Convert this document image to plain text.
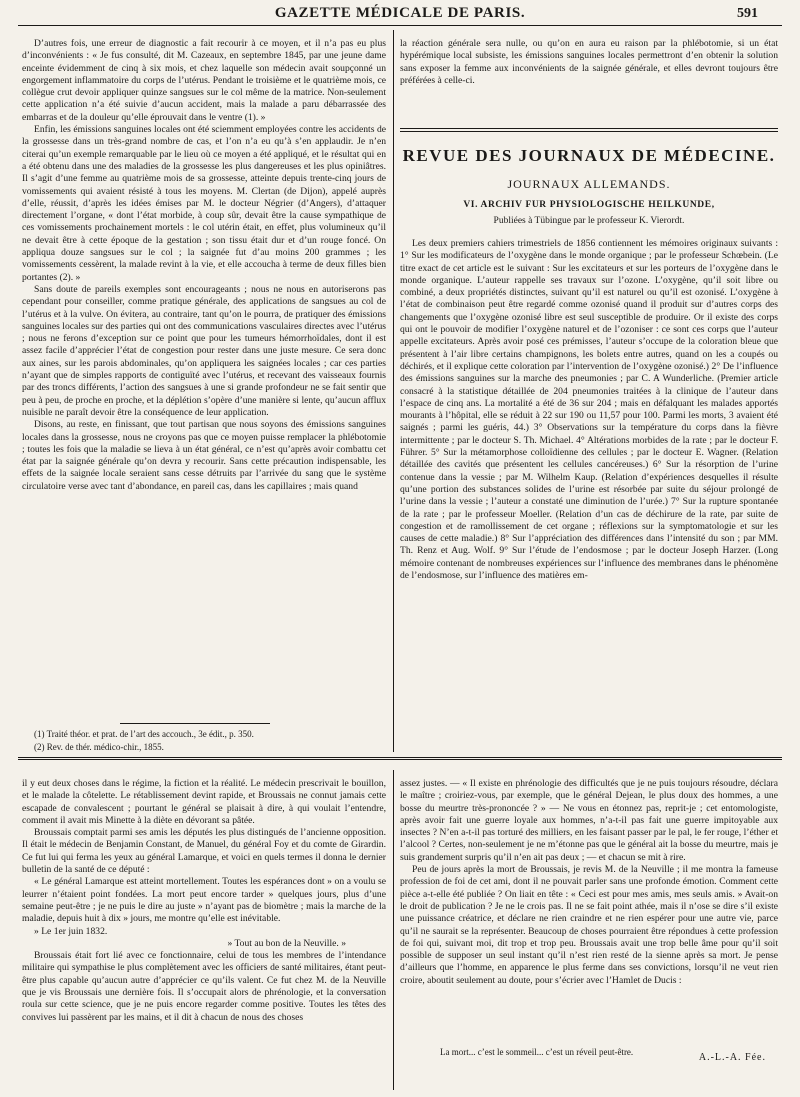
GAZETTE MÉDICALE DE PARIS.	591

D’autres fois, une erreur de diagnostic a fait recourir à ce moyen, et il n’a pas eu plus d’inconvénients : « Je fus consulté, dit M. Cazeaux, en septembre 1845, par une jeune dame enceinte évidemment de cinq à six mois, et chez laquelle son médecin avait soupçonné un engorgement inflammatoire du corps de l’utérus. Pendant le troisième et le quatrième mois, ce collègue crut devoir appliquer quinze sangsues sur le col même de la matrice. Non-seulement cette application n’a été suivie d’aucun accident, mais la malade a paru débarrassée des embarras et de la douleur qu’elle éprouvait dans le ventre (1). »

Enfin, les émissions sanguines locales ont été sciemment employées contre les accidents de la grossesse dans un très-grand nombre de cas, et l’on n’a eu qu’à s’en applaudir. Je n’en citerai qu’un exemple remarquable par le lieu où ce moyen a été appliqué, et le résultat qui en a été obtenu dans une des maladies de la grossesse les plus dangereuses et les plus opiniâtres. Il s’agit d’une femme au quatrième mois de sa grossesse, atteinte depuis trente-cinq jours de vomissements qui avaient résisté à tous les moyens. M. Clertan (de Dijon), appelé auprès d’elle, réussit, d’après les idées émises par M. le docteur Négrier (d’Angers), d’attaquer directement l’organe, « dont l’état morbide, à coup sûr, devait être la cause sympathique de ces vomissements prochainement mortels : le col utérin était, en effet, plus volumineux qu’il ne devait être à cette époque de la gestation ; son tissu était dur et d’un rouge foncé. On appliqua douze sangsues sur le col ; la saignée fut d’au moins 200 grammes ; les vomissements cessèrent, la malade revint à la vie, et elle accoucha à terme de deux filles bien portantes (2). »

Sans doute de pareils exemples sont encourageants ; nous ne nous en autoriserons pas cependant pour conseiller, comme pratique générale, des applications de sangsues au col de l’utérus et à la vulve. On évitera, au contraire, tant qu’on le pourra, de pratiquer des émissions sanguines locales sur des parties qui ont des communications vasculaires directes avec l’utérus ; nous ne ferons d’exception sur ce point que pour les tumeurs hémorrhoïdales, dont il est assez facile d’apprécier l’état de congestion pour rester dans une juste mesure. Ce sera donc aux aines, sur les parois abdominales, qu’on appliquera les saignées locales ; car ces parties n’ayant que de simples rapports de contiguïté avec l’utérus, et recevant des vaisseaux fournis par des troncs différents, l’action des sangsues à une si grande profondeur ne se fait sentir que peu à peu, de proche en proche, et la déplétion s’opère d’une manière si lente, qu’aucun afflux nuisible ne paraît devoir être la conséquence de leur application.

Disons, au reste, en finissant, que tout partisan que nous soyons des émissions sanguines locales dans la grossesse, nous ne croyons pas que ce moyen puisse remplacer la phlébotomie ; toutes les fois que la maladie se lieva à un état général, ce n’est qu’après avoir combattu cet état par la saignée générale qu’on devra y recourir. Sans cette précaution indispensable, les effets de la saignée locale seraient sans cesse détruits par l’arrivée du sang que le système circulatoire verse avec tant d’abondance, en pareil cas, dans les capillaires ; mais quand

(1) Traité théor. et prat. de l’art des accouch., 3e édit., p. 350.
(2) Rev. de thér. médico-chir., 1855.

la réaction générale sera nulle, ou qu’on en aura eu raison par la phlébotomie, si un état hypérémique local subsiste, les émissions sanguines locales permettront d’en obtenir la solution sans exposer la femme aux inconvénients de la saignée générale, et elles devront toujours être préférées à celle-ci.

REVUE DES JOURNAUX DE MÉDECINE.
JOURNAUX ALLEMANDS.
VI. ARCHIV FUR PHYSIOLOGISCHE HEILKUNDE,
Publiées à Tübingue par le professeur K. Vierordt.

Les deux premiers cahiers trimestriels de 1856 contiennent les mémoires originaux suivants : 1° Sur les modificateurs de l’oxygène dans le monde organique ; par le professeur Schœbein. (Le titre exact de cet article est le suivant : Sur les excitateurs et sur les porteurs de l’oxygène dans le monde organique. L’auteur rappelle ses travaux sur l’ozone. L’oxygène, qu’il soit libre ou combiné, a deux propriétés distinctes, suivant qu’il est naturel ou qu’il est ozonisé. L’oxygène à l’état de combinaison peut être regardé comme ozonisé quand il produit sur d’autres corps des changements que l’oxygène ozonisé libre est seul susceptible de produire. Or il existe des corps qui ont le pouvoir de modifier l’oxygène naturel et de l’ozoniser : ce sont ces corps que l’auteur appelle excitateurs. Après avoir posé ces prémisses, l’auteur s’occupe de la coloration bleue que présentent à l’air libre certains champignons, les bolets entre autres, quand on les a coupés ou déchirés, et il explique cette coloration par l’intervention de l’oxygène ozonisé.) 2° De l’influence des émissions sanguines sur la marche des pneumonies ; par C. A Wunderliche. (Premier article consacré à la statistique détaillée de 204 pneumonies traitées à la clinique de l’auteur dans l’espace de cinq ans. La mortalité a été de 36 sur 204 ; mais en défalquant les malades apportés mourants à l’hôpital, elle se réduit à 22 sur 190 ou 11,57 pour 100. Parmi les morts, 3 avaient été saignés ; parmi les guéris, 44.) 3° Observations sur la température du corps dans la fièvre intermittente ; par le docteur S. Th. Michael. 4° Altérations morbides de la rate ; par le docteur F. Führer. 5° Sur la métamorphose colloïdienne des cellules ; par le docteur E. Wagner. (Relation détaillée des cavités que présentent les cellules cancéreuses.) 6° Sur la résorption de l’urine contenue dans la vessie ; par M. Wilhelm Kaup. (Relation d’expériences desquelles il résulte qu’une portion des substances solides de l’urine est résorbée par suite du séjour prolongé de l’urine dans la vessie ; l’auteur a constaté une diminution de l’urée.) 7° Sur la rupture spontanée de la rate ; par le professeur Moeller. (Relation d’un cas de déchirure de la rate, par suite de congestion et de ramollissement de cet organe ; réflexions sur la symptomatologie et sur les causes de cette maladie.) 8° Sur l’appréciation des différences dans l’intensité du son ; par MM. Th. Renz et Aug. Wolf. 9° Sur l’étude de l’endosmose ; par le docteur Joseph Harzer. (Long mémoire contenant de nombreuses expériences sur l’influence des membranes dans le phénomène de l’endosmose, sur l’influence des matières em-

il y eut deux choses dans le régime, la fiction et la réalité. Le médecin prescrivait le bouillon, et le malade la côtelette. Le rétablissement devint rapide, et Broussais ne connut jamais cette escapade de convalescent ; pourtant le général se plaisait à dire, à qui voulait l’entendre, comment il avait mis Minette à la diète en dévorant sa pâtée.

Broussais comptait parmi ses amis les députés les plus distingués de l’ancienne opposition. Il était le médecin de Benjamin Constant, de Manuel, du général Foy et du comte de Girardin. Ce fut lui qui ferma les yeux au général Lamarque, et voici en quels termes il donna le dernier bulletin de la santé de ce député :

« Le général Lamarque est atteint mortellement. Toutes les espérances dont » on a voulu se leurrer n’étaient point fondées. La mort peut encore tarder » quelques jours, plus d’une semaine peut-être ; je ne puis le dire au juste » n’ayant pas de biomètre ; mais la marche de la maladie, depuis huit à dix » jours, me montre qu’elle est inévitable.

» Le 1er juin 1832.

» Tout au bon de la Neuville. »

Broussais était fort lié avec ce fonctionnaire, celui de tous les membres de l’intendance militaire qui sympathise le plus complètement avec les officiers de santé militaires, étant peut-être plus capable qu’aucun autre d’apprécier ce qu’ils valent. Ce fut chez M. de la Neuville que je vis Broussais une dernière fois. Il s’occupait alors de phrénologie, et la conversation roula sur cette science, que je ne puis encore regarder comme positive. Toutes les têtes des convives lui passèrent par les mains, et il dit à chacun de nous des choses

assez justes. — « Il existe en phrénologie des difficultés que je ne puis toujours résoudre, déclara le maître ; croiriez-vous, par exemple, que le général Dejean, le plus doux des hommes, a une bosse du meurtre très-prononcée ? » — Ne vous en étonnez pas, reprit-je ; cet entomologiste, après avoir fait une guerre loyale aux hommes, n’a-t-il pas fait une guerre impitoyable aux insectes ? N’en a-t-il pas torturé des milliers, en les faisant passer par le pal, le fer rouge, l’éther et l’alcool ? Certes, non-seulement je ne m’étonne pas que le général ait la bosse du meurtre, mais je suis grandement surpris qu’il n’en ait pas deux ; — et chacun se mit à rire.

Peu de jours après la mort de Broussais, je revis M. de la Neuville ; il me montra la fameuse profession de foi de cet ami, dont il ne pouvait parler sans une profonde émotion. Comment cette pièce a-t-elle été publiée ? On liait en tête : « Ceci est pour mes amis, mes seuls amis. » Avait-on le droit de publication ? Je ne le crois pas. Il ne se fait point athée, mais il n’ose se dire s’il existe une puissance créatrice, et déclare ne rien craindre et ne rien espérer pour une autre vie, parce qu’il ne saurait se la représenter. Beaucoup de choses pourraient être répondues à cette profession de foi qui, suivant moi, dit trop et trop peu. Broussais avait une trop belle âme pour qu’il soit possible de supposer un seul instant qu’il n’est rien resté de la sienne après sa mort. Je pense d’ailleurs que l’homme, en apparence le plus ferme dans ses convictions, lorsqu’il ne veut rien croire, aboutit seulement au doute, pour s’écrier avec l’Hamlet de Ducis :

La mort... c’est le sommeil... c’est un réveil peut-être.	A.-L.-A. Fée.
